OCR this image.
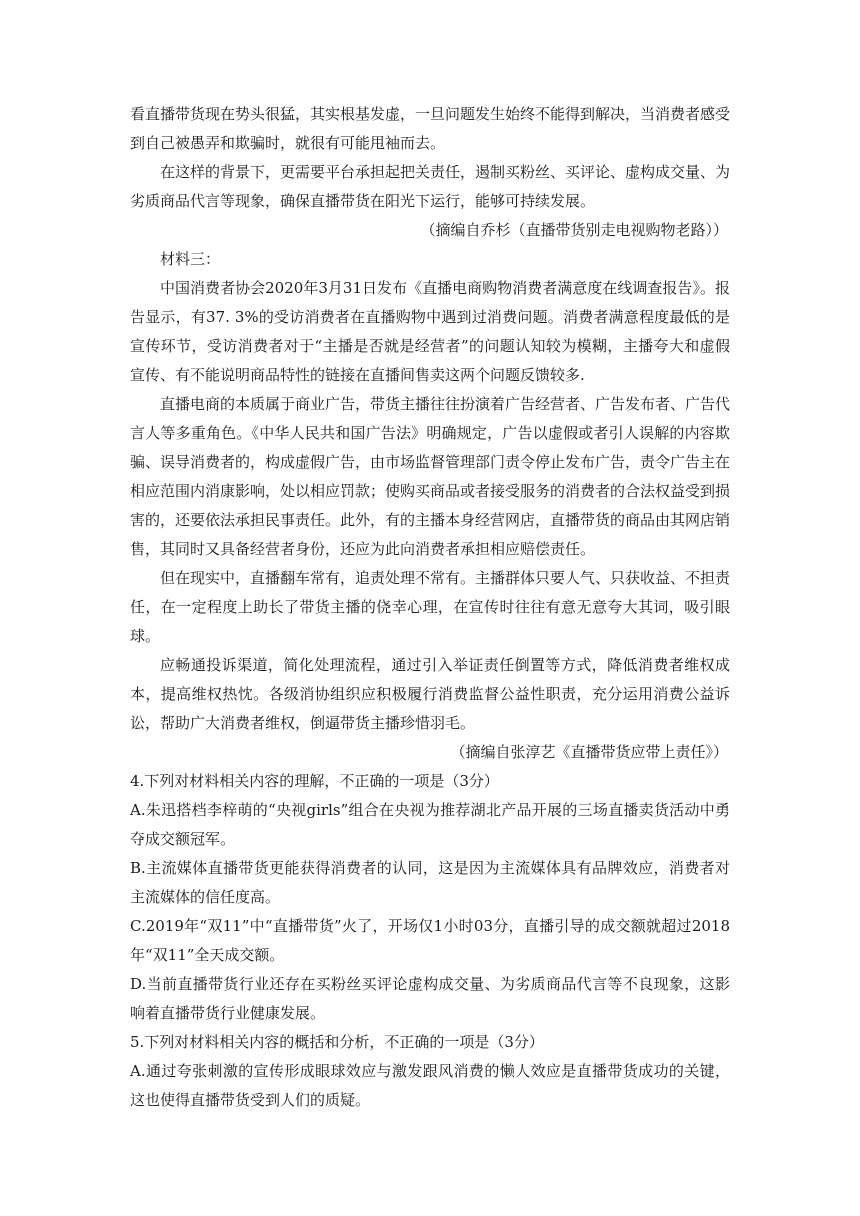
看直播带货现在势头很猛，其实根基发虚，一旦问题发生始终不能得到解决，当消费者感受到自己被愚弄和欺骗时，就很有可能甩袖而去。

在这样的背景下，更需要平台承担起把关责任，遏制买粉丝、买评论、虚构成交量、为劣质商品代言等现象，确保直播带货在阳光下运行，能够可持续发展。

（摘编自乔杉（直播带货别走电视购物老路））

材料三：

中国消费者协会2020年3月31日发布《直播电商购物消费者满意度在线调查报告》。报告显示，有37. 3%的受访消费者在直播购物中遇到过消费问题。消费者满意程度最低的是宣传环节，受访消费者对于“主播是否就是经营者”的问题认知较为模糊，主播夸大和虚假宣传、有不能说明商品特性的链接在直播间售卖这两个问题反馈较多.

直播电商的本质属于商业广告，带货主播往往扮演着广告经营者、广告发布者、广告代言人等多重角色。《中华人民共和国广告法》明确规定，广告以虚假或者引人误解的内容欺骗、误导消费者的，构成虚假广告，由市场监督管理部门责令停止发布广告，责令广告主在相应范围内消康影响，处以相应罚款；使购买商品或者接受服务的消费者的合法权益受到损害的，还要依法承担民事责任。此外，有的主播本身经营网店，直播带货的商品由其网店销售，其同时又具备经营者身份，还应为此向消费者承担相应赔偿责任。

但在现实中，直播翻车常有，追责处理不常有。主播群体只要人气、只获收益、不担责任，在一定程度上助长了带货主播的侥幸心理，在宣传时往往有意无意夸大其词，吸引眼球。

应畅通投诉渠道，简化处理流程，通过引入举证责任倒置等方式，降低消费者维权成本，提高维权热忱。各级消协组织应积极履行消费监督公益性职责，充分运用消费公益诉讼，帮助广大消费者维权，倒逼带货主播珍惜羽毛。

（摘编自张淳艺《直播带货应带上责任》）

4.下列对材料相关内容的理解，不正确的一项是（3分）

A.朱迅搭档李梓萌的“央视girls”组合在央视为推荐湖北产品开展的三场直播卖货活动中勇夺成交额冠军。

B.主流媒体直播带货更能获得消费者的认同，这是因为主流媒体具有品牌效应，消费者对主流媒体的信任度高。

C.2019年“双11”中“直播带货”火了，开场仅1小时03分，直播引导的成交额就超过2018年“双11”全天成交额。

D.当前直播带货行业还存在买粉丝买评论虚构成交量、为劣质商品代言等不良现象，这影响着直播带货行业健康发展。

5.下列对材料相关内容的概括和分析，不正确的一项是（3分）

A.通过夸张刺激的宣传形成眼球效应与激发跟风消费的懒人效应是直播带货成功的关键，这也使得直播带货受到人们的质疑。
